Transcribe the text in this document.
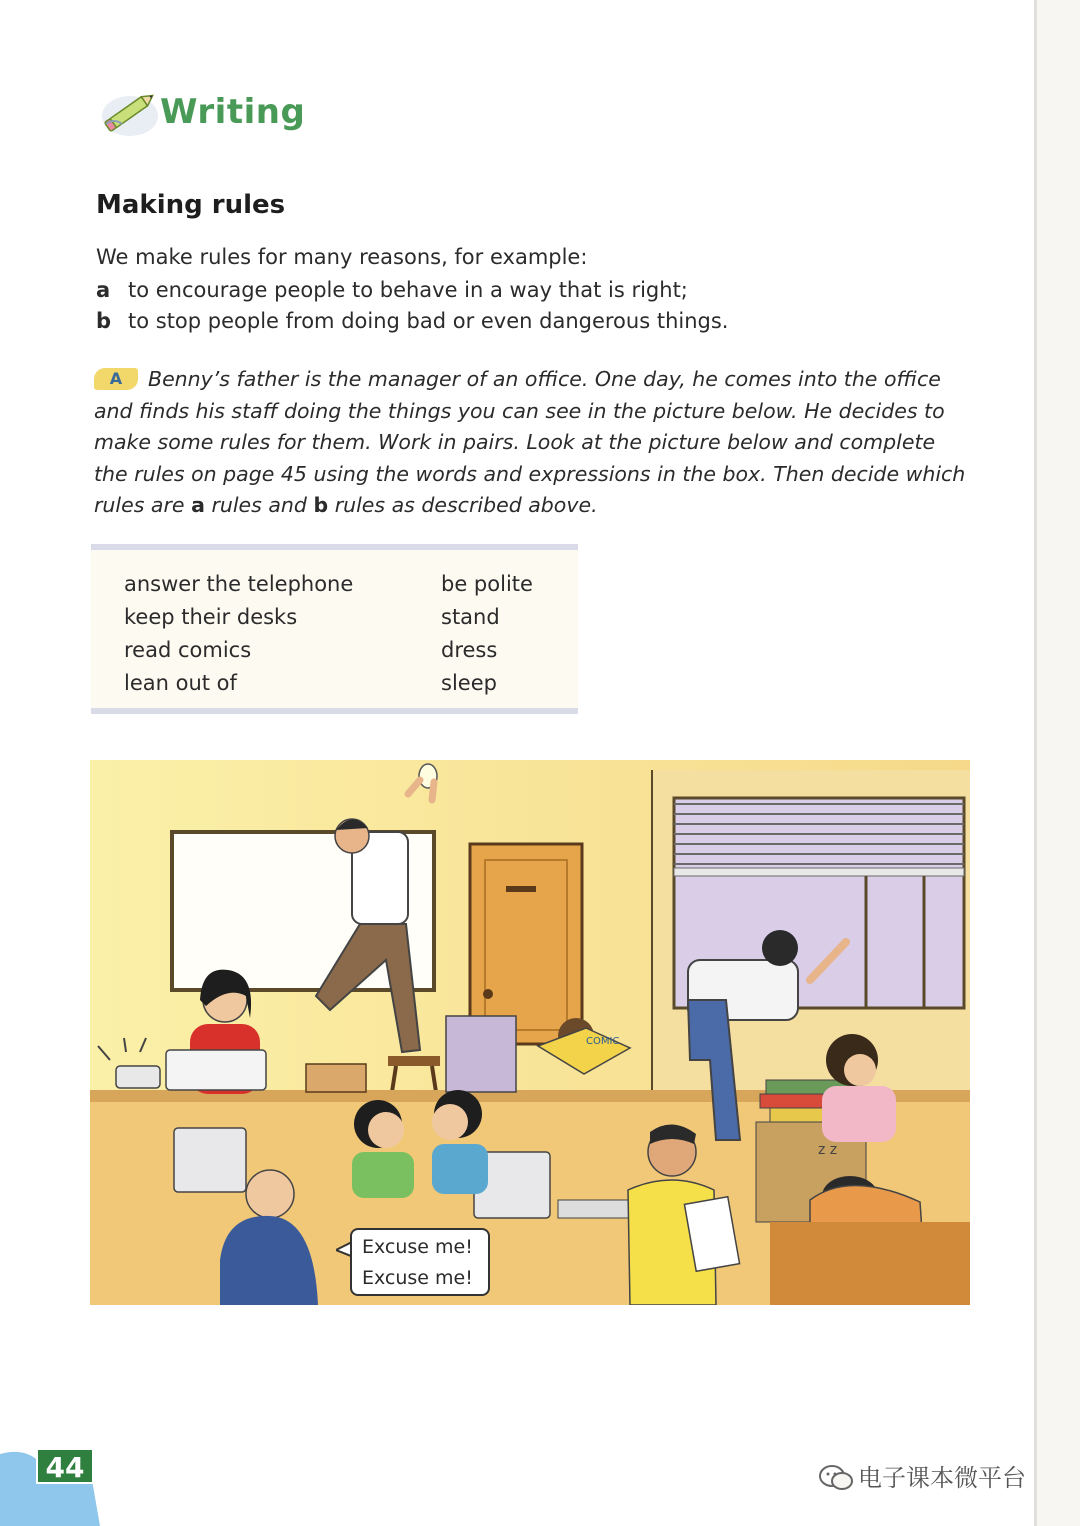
Writing
Making rules

We make rules for many reasons, for example:

a to encourage people to behave in a way that is right;
b to stop people from doing bad or even dangerous things.

A Benny’s father is the manager of an office. One day, he comes into the office and finds his staff doing the things you can see in the picture below. He decides to make some rules for them. Work in pairs. Look at the picture below and complete the rules on page 45 using the words and expressions in the box. Then decide which rules are a rules and b rules as described above.

answer the telephone
keep their desks
read comics
lean out of
be polite
stand
dress
sleep
COMIC
z z
Excuse me!
Excuse me!
44	电子课本微平台
